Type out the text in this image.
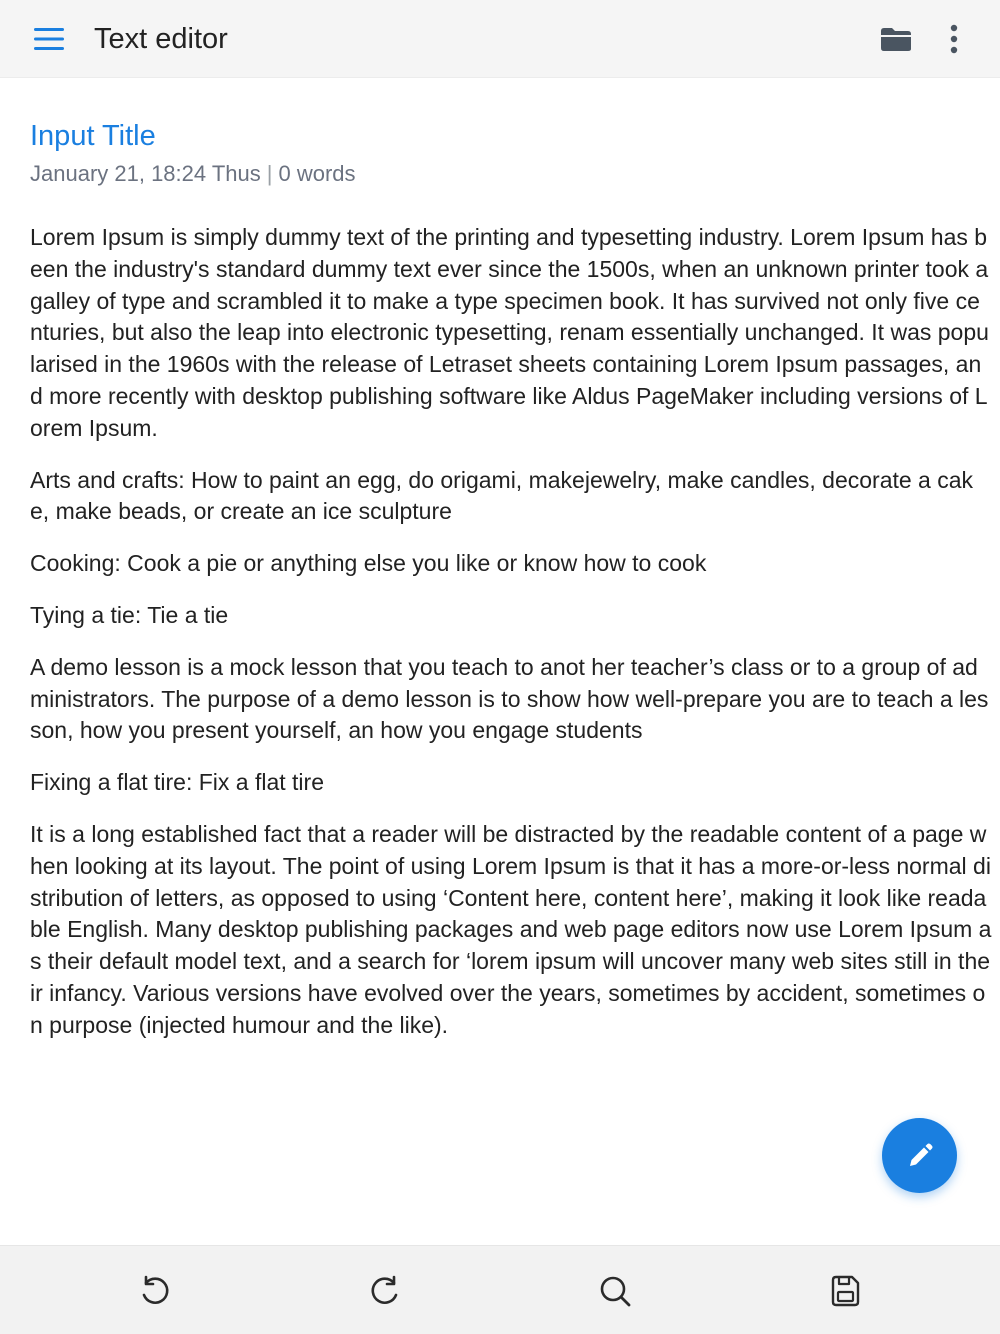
Text editor
Input Title
January 21, 18:24 Thus | 0 words

Lorem Ipsum is simply dummy text of the printing and typesetting industry. Lorem Ipsum has been the industry's standard dummy text ever since the 1500s, when an unknown printer took a galley of type and scrambled it to make a type specimen book. It has survived not only five centuries, but also the leap into electronic typesetting, renam essentially unchanged. It was popularised in the 1960s with the release of Letraset sheets containing Lorem Ipsum passages, and more recently with desktop publishing software like Aldus PageMaker including versions of Lorem Ipsum.

Arts and crafts: How to paint an egg, do origami, makejewelry, make candles, decorate a cake, make beads, or create an ice sculpture

Cooking: Cook a pie or anything else you like or know how to cook

Tying a tie: Tie a tie

A demo lesson is a mock lesson that you teach to anot her teacher’s class or to a group of administrators. The purpose of a demo lesson is to show how well-prepare you are to teach a lesson, how you present yourself, an how you engage students

Fixing a flat tire: Fix a flat tire

It is a long established fact that a reader will be distracted by the readable content of a page when looking at its layout. The point of using Lorem Ipsum is that it has a more-or-less normal distribution of letters, as opposed to using ‘Content here, content here’, making it look like readable English. Many desktop publishing packages and web page editors now use Lorem Ipsum as their default model text, and a search for ‘lorem ipsum will uncover many web sites still in their infancy. Various versions have evolved over the years, sometimes by accident, sometimes on purpose (injected humour and the like).
